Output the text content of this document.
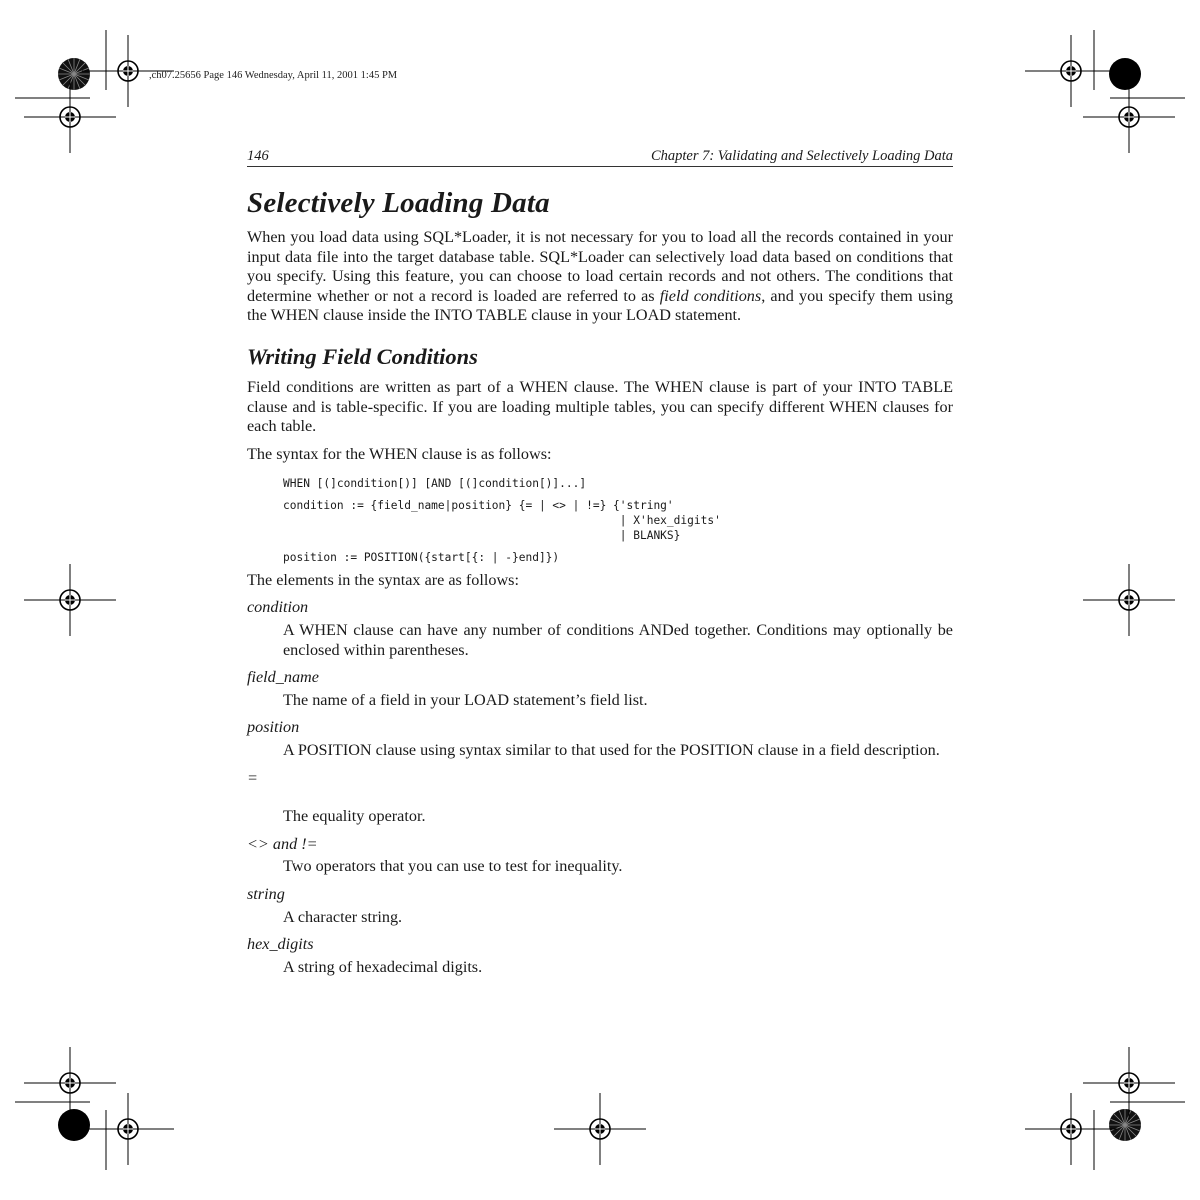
,ch07.25656 Page 146 Wednesday, April 11, 2001 1:45 PM
146	Chapter 7: Validating and Selectively Loading Data
Selectively Loading Data

When you load data using SQL*Loader, it is not necessary for you to load all the records contained in your input data file into the target database table. SQL*Loader can selectively load data based on conditions that you specify. Using this feature, you can choose to load certain records and not others. The conditions that determine whether or not a record is loaded are referred to as field conditions, and you specify them using the WHEN clause inside the INTO TABLE clause in your LOAD statement.

Writing Field Conditions

Field conditions are written as part of a WHEN clause. The WHEN clause is part of your INTO TABLE clause and is table-specific. If you are loading multiple tables, you can specify different WHEN clauses for each table.

The syntax for the WHEN clause is as follows:

WHEN [(]condition[)] [AND [(]condition[)]...]
condition := {field_name|position} {= | <> | !=} {'string'
| X'hex_digits'
| BLANKS}
position := POSITION({start[{: | -}end]})

The elements in the syntax are as follows:

condition
A WHEN clause can have any number of conditions ANDed together. Conditions may optionally be enclosed within parentheses.
field_name
The name of a field in your LOAD statement’s field list.
position
A POSITION clause using syntax similar to that used for the POSITION clause in a field description.
=
The equality operator.
<> and !=
Two operators that you can use to test for inequality.
string
A character string.
hex_digits
A string of hexadecimal digits.
